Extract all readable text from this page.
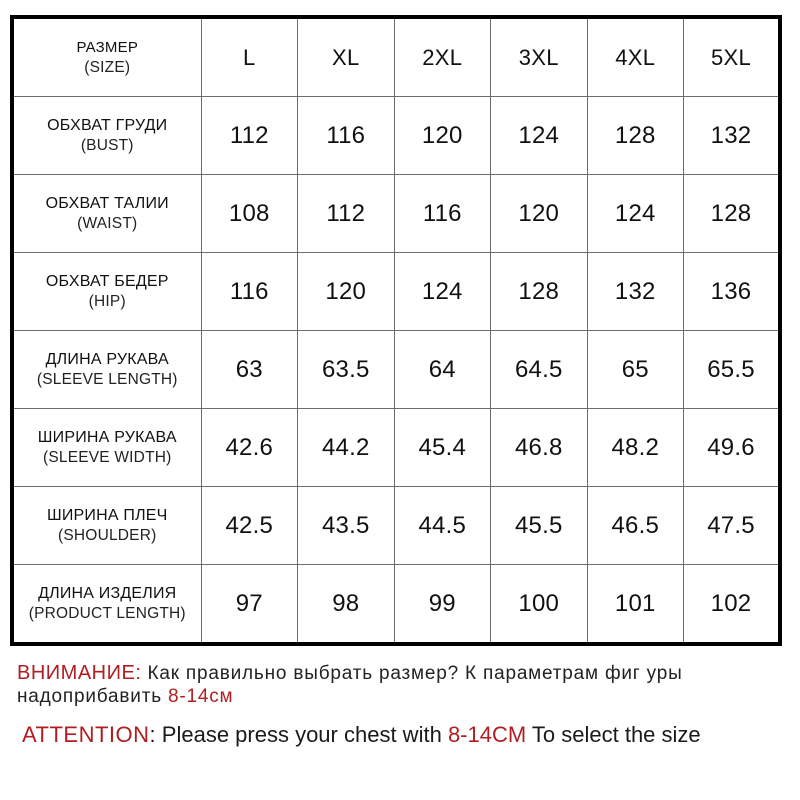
РАЗМЕР
(SIZE)	L	XL	2XL	3XL	4XL	5XL

ОБХВАТ ГРУДИ
(BUST)	112	116	120	124	128	132

ОБХВАТ ТАЛИИ
(WAIST)	108	112	116	120	124	128

ОБХВАТ БЕДЕР
(HIP)	116	120	124	128	132	136

ДЛИНА РУКАВА
(SLEEVE LENGTH)	63	63.5	64	64.5	65	65.5

ШИРИНА РУКАВА
(SLEEVE WIDTH)	42.6	44.2	45.4	46.8	48.2	49.6

ШИРИНА ПЛЕЧ
(SHOULDER)	42.5	43.5	44.5	45.5	46.5	47.5

ДЛИНА ИЗДЕЛИЯ
(PRODUCT LENGTH)	97	98	99	100	101	102
ВНИМАНИЕ: Как правильно выбрать размер? К параметрам фиг уры надоприбавить 8-14см
ATTENTION: Please press your chest with 8-14CM To select the size
